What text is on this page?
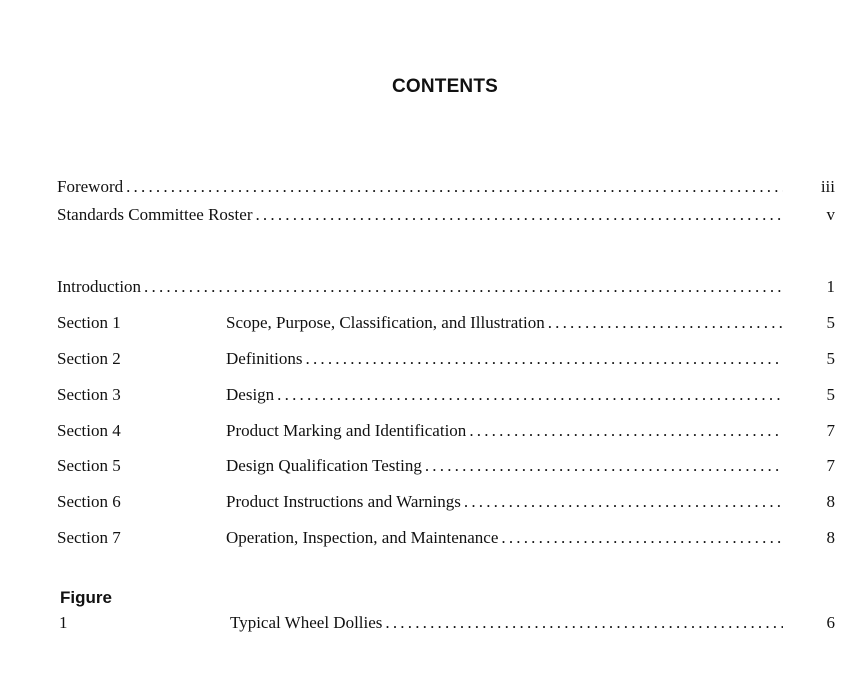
CONTENTS
Foreword .....	iii
Standards Committee Roster .....	v
Introduction .....	1
Section 1	Scope, Purpose, Classification, and Illustration .....	5
Section 2	Definitions .....	5
Section 3	Design .....	5
Section 4	Product Marking and Identification .....	7
Section 5	Design Qualification Testing .....	7
Section 6	Product Instructions and Warnings .....	8
Section 7	Operation, Inspection, and Maintenance .....	8
Figure
1	Typical Wheel Dollies .....	6
